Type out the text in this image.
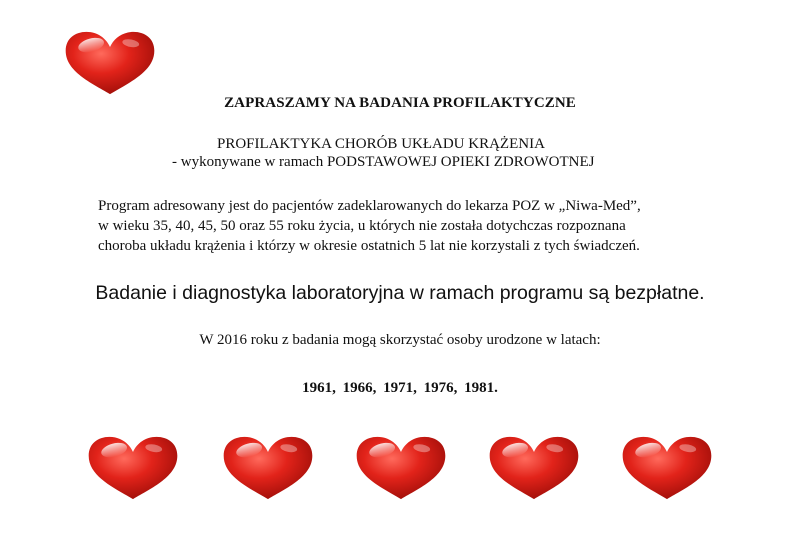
ZAPRASZAMY NA BADANIA PROFILAKTYCZNE
PROFILAKTYKA CHORÓB UKŁADU KRĄŻENIA
- wykonywane w ramach PODSTAWOWEJ OPIEKI ZDROWOTNEJ
Program adresowany jest do pacjentów zadeklarowanych do lekarza POZ w „Niwa-Med”,
w wieku 35, 40, 45, 50 oraz 55 roku życia, u których nie została dotychczas rozpoznana
choroba układu krążenia i którzy w okresie ostatnich 5 lat nie korzystali z tych świadczeń.
Badanie i diagnostyka laboratoryjna w ramach programu są bezpłatne.
W 2016 roku z badania mogą skorzystać osoby urodzone w latach:
1961, 1966, 1971, 1976, 1981.
